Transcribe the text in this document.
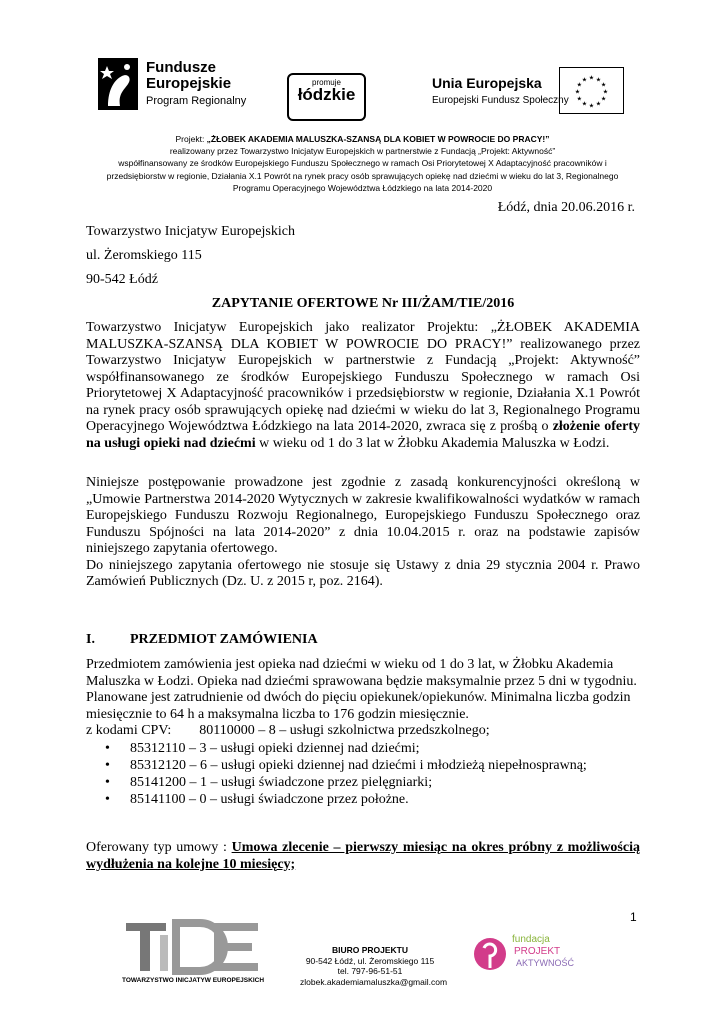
Fundusze
Europejskie
Program Regionalny
promuje
łódzkie
Unia Europejska
Europejski Fundusz Społeczny
★
★
★
★
★
★
★
★
★ ★ ★
★
Projekt: „ŻŁOBEK AKADEMIA MALUSZKA-SZANSĄ DLA KOBIET W POWROCIE DO PRACY!”
realizowany przez Towarzystwo Inicjatyw Europejskich w partnerstwie z Fundacją „Projekt: Aktywność”
współfinansowany ze środków Europejskiego Funduszu Społecznego w ramach Osi Priorytetowej X Adaptacyjność pracowników i
przedsiębiorstw w regionie, Działania X.1 Powrót na rynek pracy osób sprawujących opiekę nad dziećmi w wieku do lat 3, Regionalnego
Programu Operacyjnego Województwa Łódzkiego na lata 2014-2020
Łódź, dnia 20.06.2016 r.
Towarzystwo Inicjatyw Europejskich
ul. Żeromskiego 115
90-542 Łódź
ZAPYTANIE OFERTOWE Nr III/ŻAM/TIE/2016

Towarzystwo Inicjatyw Europejskich jako realizator Projektu: „ŻŁOBEK AKADEMIA MALUSZKA-SZANSĄ DLA KOBIET W POWROCIE DO PRACY!” realizowanego przez Towarzystwo Inicjatyw Europejskich w partnerstwie z Fundacją „Projekt: Aktywność” współfinansowanego ze środków Europejskiego Funduszu Społecznego w ramach Osi Priorytetowej X Adaptacyjność pracowników i przedsiębiorstw w regionie, Działania X.1 Powrót na rynek pracy osób sprawujących opiekę nad dziećmi w wieku do lat 3, Regionalnego Programu Operacyjnego Województwa Łódzkiego na lata 2014-2020, zwraca się z prośbą o złożenie oferty na usługi opieki nad dziećmi w wieku od 1 do 3 lat w Żłobku Akademia Maluszka w Łodzi.

Niniejsze postępowanie prowadzone jest zgodnie z zasadą konkurencyjności określoną w „Umowie Partnerstwa 2014-2020 Wytycznych w zakresie kwalifikowalności wydatków w ramach Europejskiego Funduszu Rozwoju Regionalnego, Europejskiego Funduszu Społecznego oraz Funduszu Spójności na lata 2014-2020” z dnia 10.04.2015 r. oraz na podstawie zapisów niniejszego zapytania ofertowego.

Do niniejszego zapytania ofertowego nie stosuje się Ustawy z dnia 29 stycznia 2004 r. Prawo Zamówień Publicznych (Dz. U. z 2015 r, poz. 2164).

I.	PRZEDMIOT ZAMÓWIENIA

Przedmiotem zamówienia jest opieka nad dziećmi w wieku od 1 do 3 lat, w Żłobku Akademia Maluszka w Łodzi. Opieka nad dziećmi sprawowana będzie maksymalnie przez 5 dni w tygodniu. Planowane jest zatrudnienie od dwóch do pięciu opiekunek/opiekunów. Minimalna liczba godzin miesięcznie to 64 h a maksymalna liczba to 176 godzin miesięcznie.

z kodami CPV: 80110000 – 8 – usługi szkolnictwa przedszkolnego;

• 85312110 – 3 – usługi opieki dziennej nad dziećmi;
• 85312120 – 6 – usługi opieki dziennej nad dziećmi i młodzieżą niepełnosprawną;
• 85141200 – 1 – usługi świadczone przez pielęgniarki;
• 85141100 – 0 – usługi świadczone przez położne.

Oferowany typ umowy : Umowa zlecenie – pierwszy miesiąc na okres próbny z możliwością wydłużenia na kolejne 10 miesięcy;

1
TOWARZYSTWO INICJATYW EUROPEJSKICH
BIURO PROJEKTU
90-542 Łódź, ul. Żeromskiego 115
tel. 797-96-51-51
zlobek.akademiamaluszka@gmail.com
fundacja
PROJEKT
AKTYWNOŚĆ
